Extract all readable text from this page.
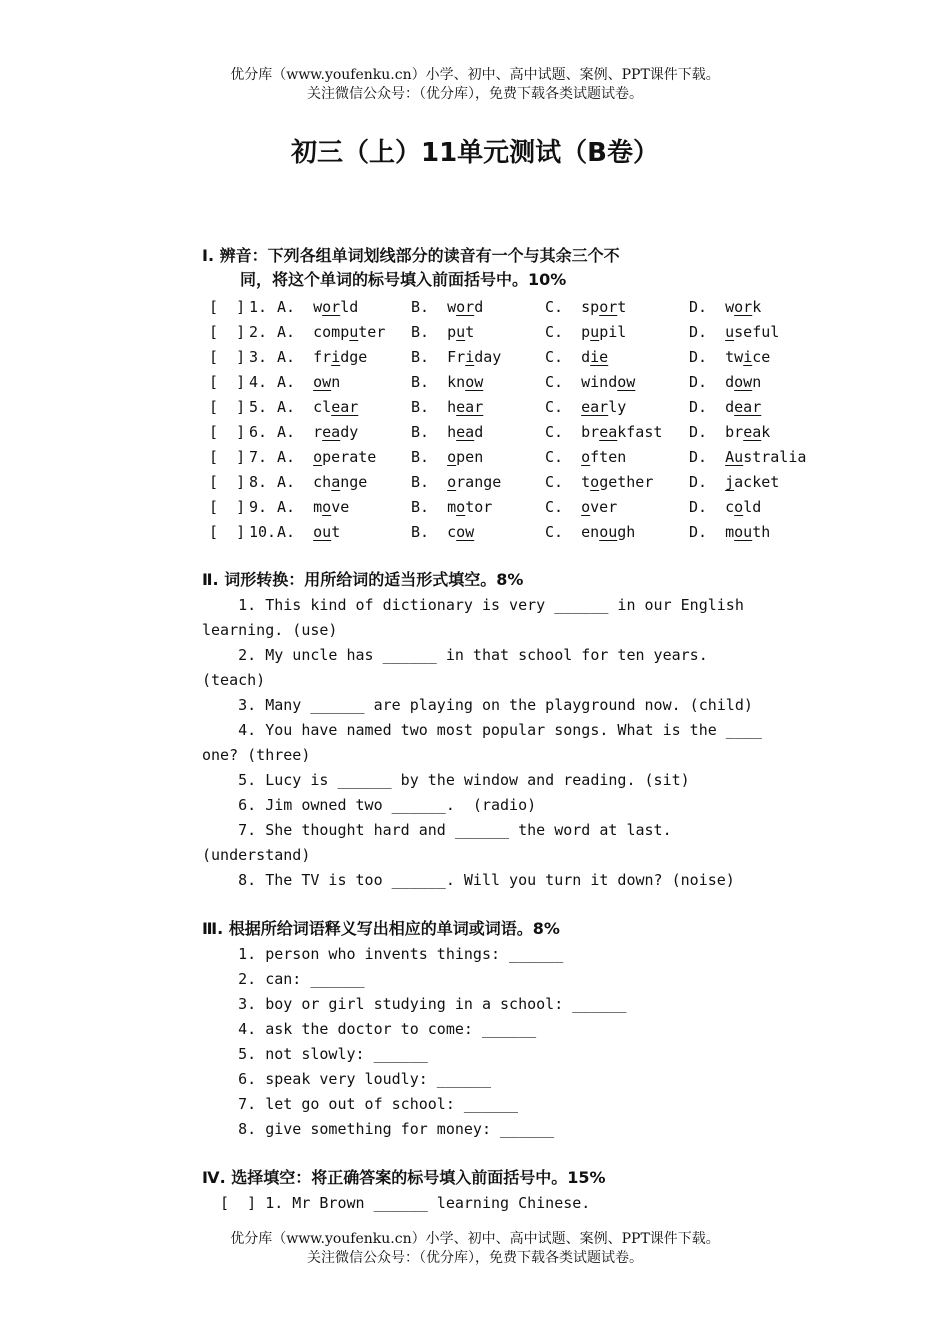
优分库（www.youfenku.cn）小学、初中、高中试题、案例、PPT课件下载。
关注微信公众号：（优分库），免费下载各类试题试卷。
初三（上）11单元测试（B卷）
Ⅰ. 辨音：下列各组单词划线部分的读音有一个与其余三个不
同，将这个单词的标号填入前面括号中。10%
[  ] 1. A.  world	B.  word	C.  sport	D.  work
[  ] 2. A.  computer B.  put	C.  pupil	D.  useful
[  ] 3. A.  fridge	B.  Friday	C.  die	D.  twice
[  ] 4. A.  own	B.  know	C.  window	D.  down
[  ] 5. A.  clear	B.  hear	C.  early	D.  dear
[  ] 6. A.  ready	B.  head	C.  breakfast D.  break
[  ] 7. A.  operate B.  open	C.  often	D.  Australia
[  ] 8. A.  change	B.  orange	C.  together D.  jacket
[  ] 9. A.  move	B.  motor	C.  over	D.  cold
[  ] 10. A.  out	B.  cow	C.  enough	D.  mouth
Ⅱ. 词形转换：用所给词的适当形式填空。8%
1. This kind of dictionary is very ______ in our English
learning. (use)
2. My uncle has ______ in that school for ten years.
(teach)
3. Many ______ are playing on the playground now. (child)
4. You have named two most popular songs. What is the ____
one? (three)
5. Lucy is ______ by the window and reading. (sit)
6. Jim owned two ______.  (radio)
7. She thought hard and ______ the word at last.
(understand)
8. The TV is too ______. Will you turn it down? (noise)
Ⅲ. 根据所给词语释义写出相应的单词或词语。8%
1. person who invents things: ______
2. can: ______
3. boy or girl studying in a school: ______
4. ask the doctor to come: ______
5. not slowly: ______
6. speak very loudly: ______
7. let go out of school: ______
8. give something for money: ______
Ⅳ. 选择填空：将正确答案的标号填入前面括号中。15%
[  ] 1. Mr Brown ______ learning Chinese.
优分库（www.youfenku.cn）小学、初中、高中试题、案例、PPT课件下载。
关注微信公众号：（优分库），免费下载各类试题试卷。
